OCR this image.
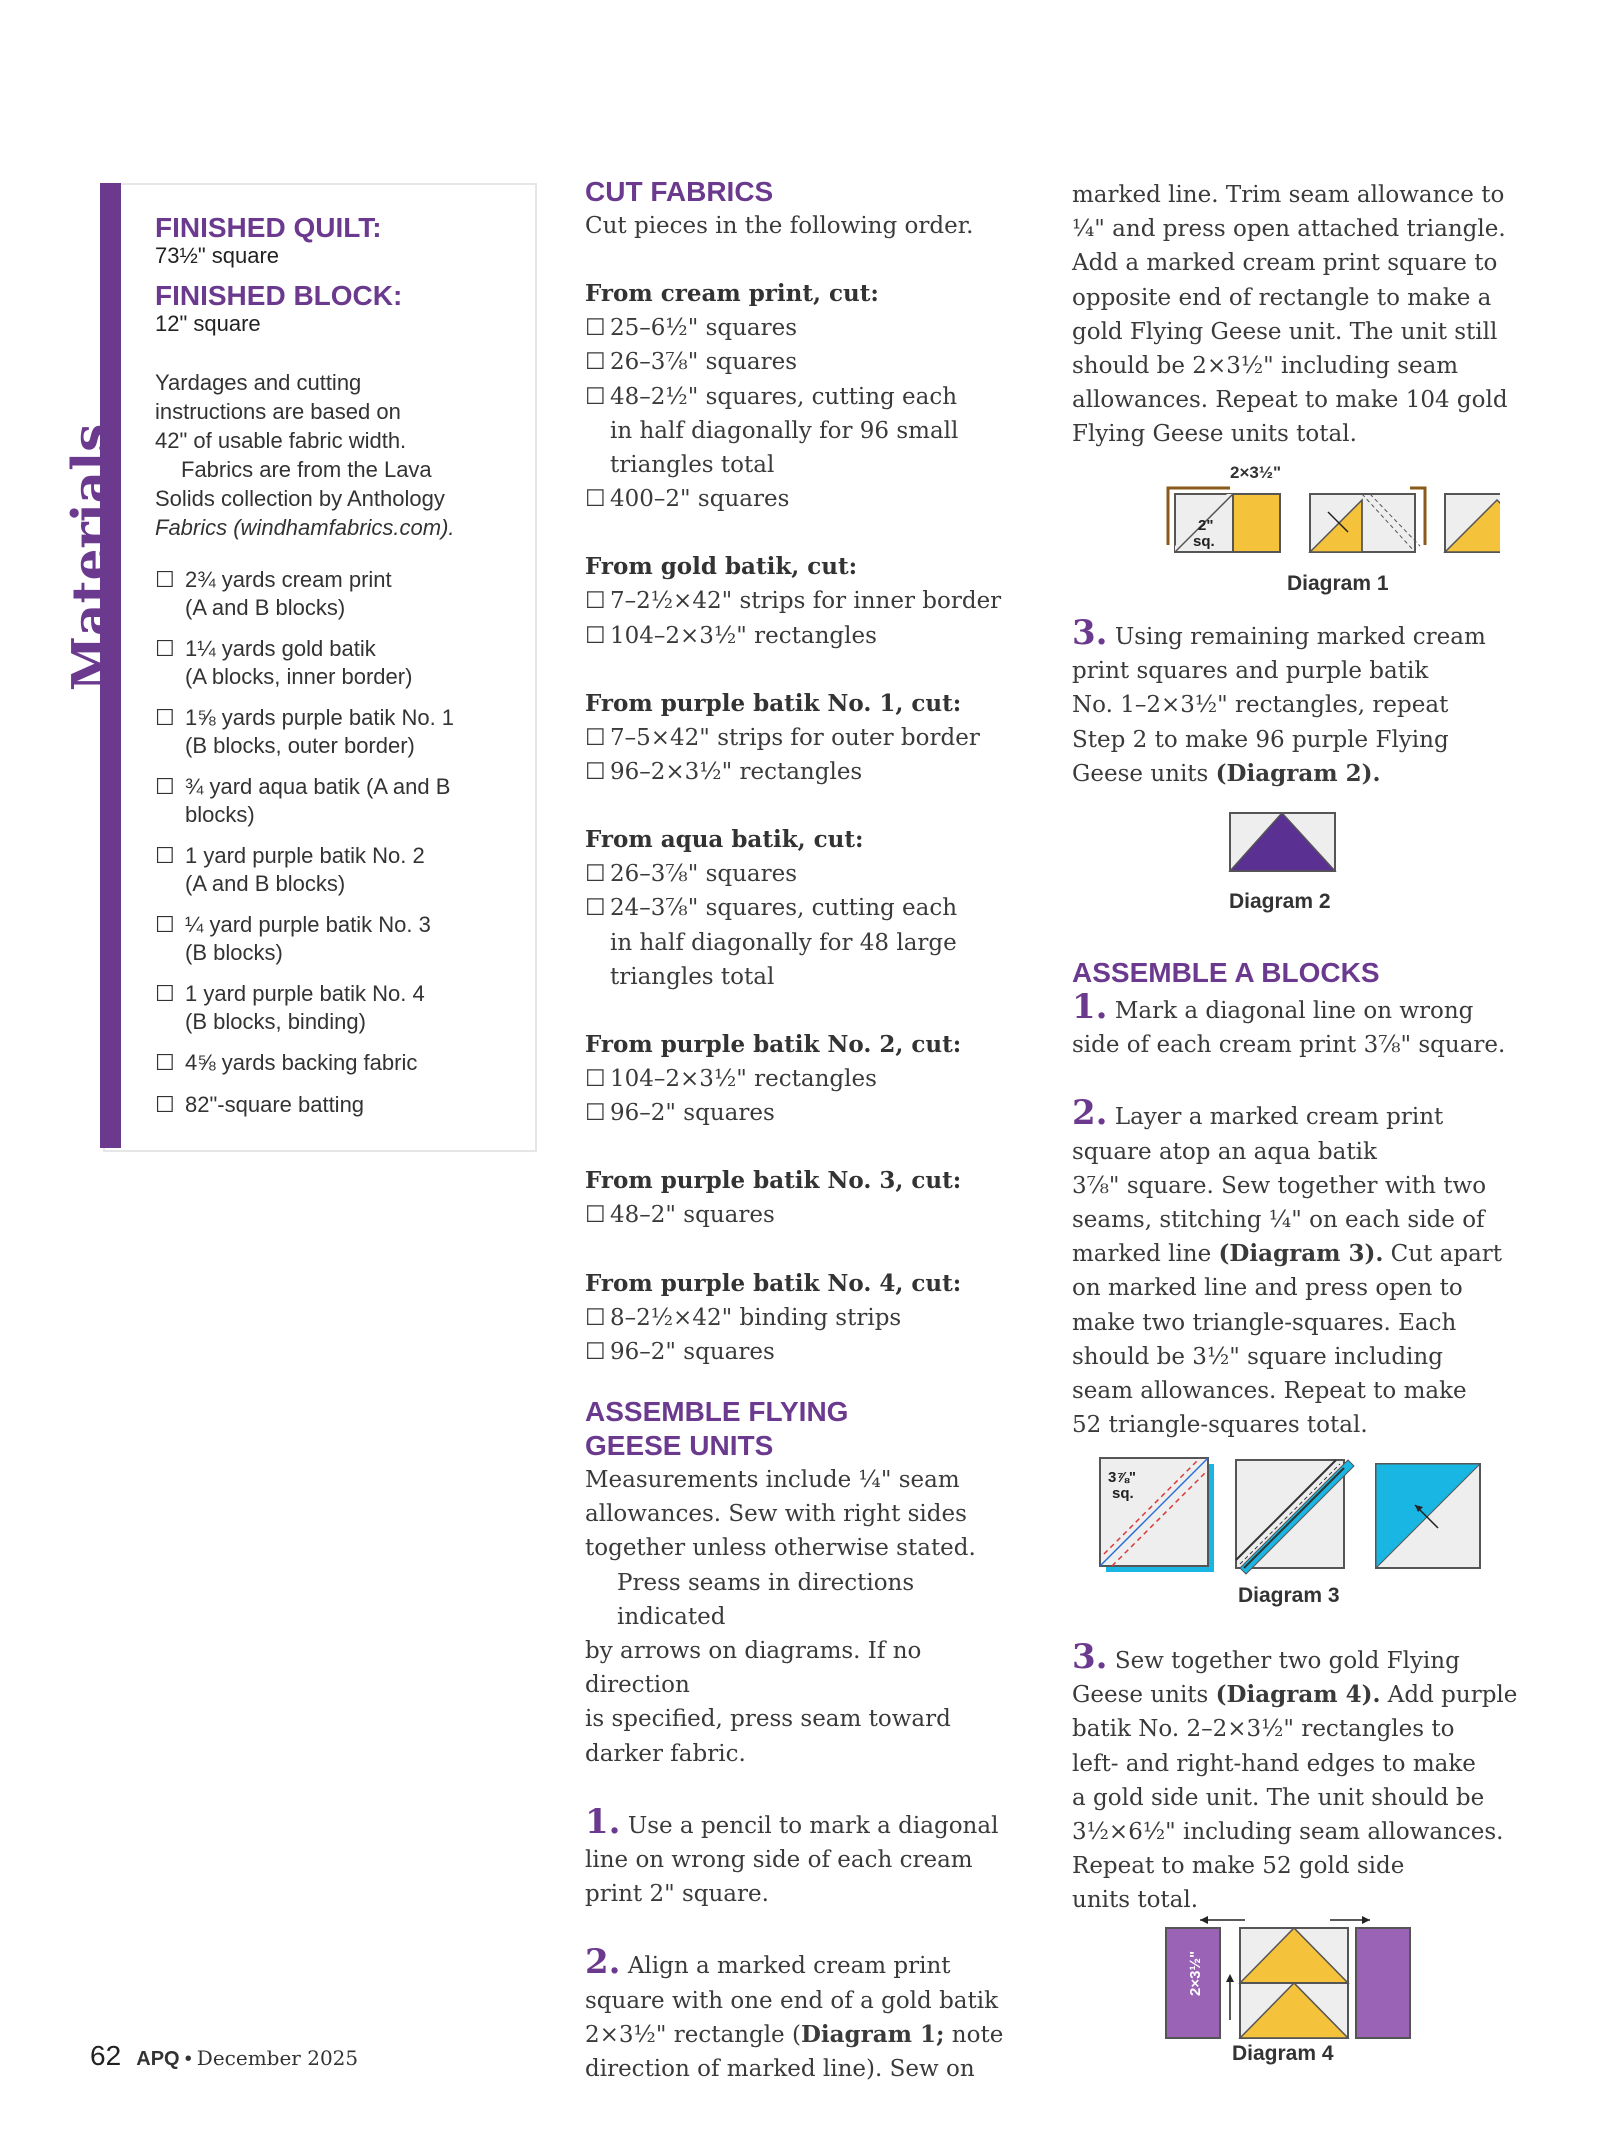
Materials
FINISHED QUILT:
73½" square
FINISHED BLOCK:
12" square
Yardages and cutting
instructions are based on
42" of usable fabric width.
Fabrics are from the Lava
Solids collection by Anthology
Fabrics (windhamfabrics.com).
☐ 2¾ yards cream print
(A and B blocks)
☐ 1¼ yards gold batik
(A blocks, inner border)
☐ 1⅝ yards purple batik No. 1
(B blocks, outer border)
☐ ¾ yard aqua batik (A and B
blocks)
☐ 1 yard purple batik No. 2
(A and B blocks)
☐ ¼ yard purple batik No. 3
(B blocks)
☐ 1 yard purple batik No. 4
(B blocks, binding)
☐ 4⅝ yards backing fabric
☐ 82"-square batting
CUT FABRICS
Cut pieces in the following order.
From cream print, cut:
☐ 25–6½" squares
☐ 26–3⅞" squares
☐ 48–2½" squares, cutting each
in half diagonally for 96 small
triangles total
☐ 400–2" squares
From gold batik, cut:
☐ 7–2½×42" strips for inner border
☐ 104–2×3½" rectangles
From purple batik No. 1, cut:
☐ 7–5×42" strips for outer border
☐ 96–2×3½" rectangles
From aqua batik, cut:
☐ 26–3⅞" squares
☐ 24–3⅞" squares, cutting each
in half diagonally for 48 large
triangles total
From purple batik No. 2, cut:
☐ 104–2×3½" rectangles
☐ 96–2" squares
From purple batik No. 3, cut:
☐ 48–2" squares
From purple batik No. 4, cut:
☐ 8–2½×42" binding strips
☐ 96–2" squares
ASSEMBLE FLYING
GEESE UNITS
Measurements include ¼" seam
allowances. Sew with right sides
together unless otherwise stated.
Press seams in directions indicated
by arrows on diagrams. If no direction
is specified, press seam toward
darker fabric.
1. Use a pencil to mark a diagonal
line on wrong side of each cream
print 2" square.
2. Align a marked cream print
square with one end of a gold batik
2×3½" rectangle (Diagram 1; note
direction of marked line). Sew on
marked line. Trim seam allowance to
¼" and press open attached triangle.
Add a marked cream print square to
opposite end of rectangle to make a
gold Flying Geese unit. The unit still
should be 2×3½" including seam
allowances. Repeat to make 104 gold
Flying Geese units total.
2×3½"
2"
sq.
Diagram 1
3. Using remaining marked cream
print squares and purple batik
No. 1–2×3½" rectangles, repeat
Step 2 to make 96 purple Flying
Geese units (Diagram 2).
Diagram 2
ASSEMBLE A BLOCKS
1. Mark a diagonal line on wrong
side of each cream print 3⅞" square.
2. Layer a marked cream print
square atop an aqua batik
3⅞" square. Sew together with two
seams, stitching ¼" on each side of
marked line (Diagram 3). Cut apart
on marked line and press open to
make two triangle-squares. Each
should be 3½" square including
seam allowances. Repeat to make
52 triangle-squares total.
3⅞"
sq.
Diagram 3
3. Sew together two gold Flying
Geese units (Diagram 4). Add purple
batik No. 2–2×3½" rectangles to
left- and right-hand edges to make
a gold side unit. The unit should be
3½×6½" including seam allowances.
Repeat to make 52 gold side
units total.
2×3½"
Diagram 4
62 APQ • December 2025
